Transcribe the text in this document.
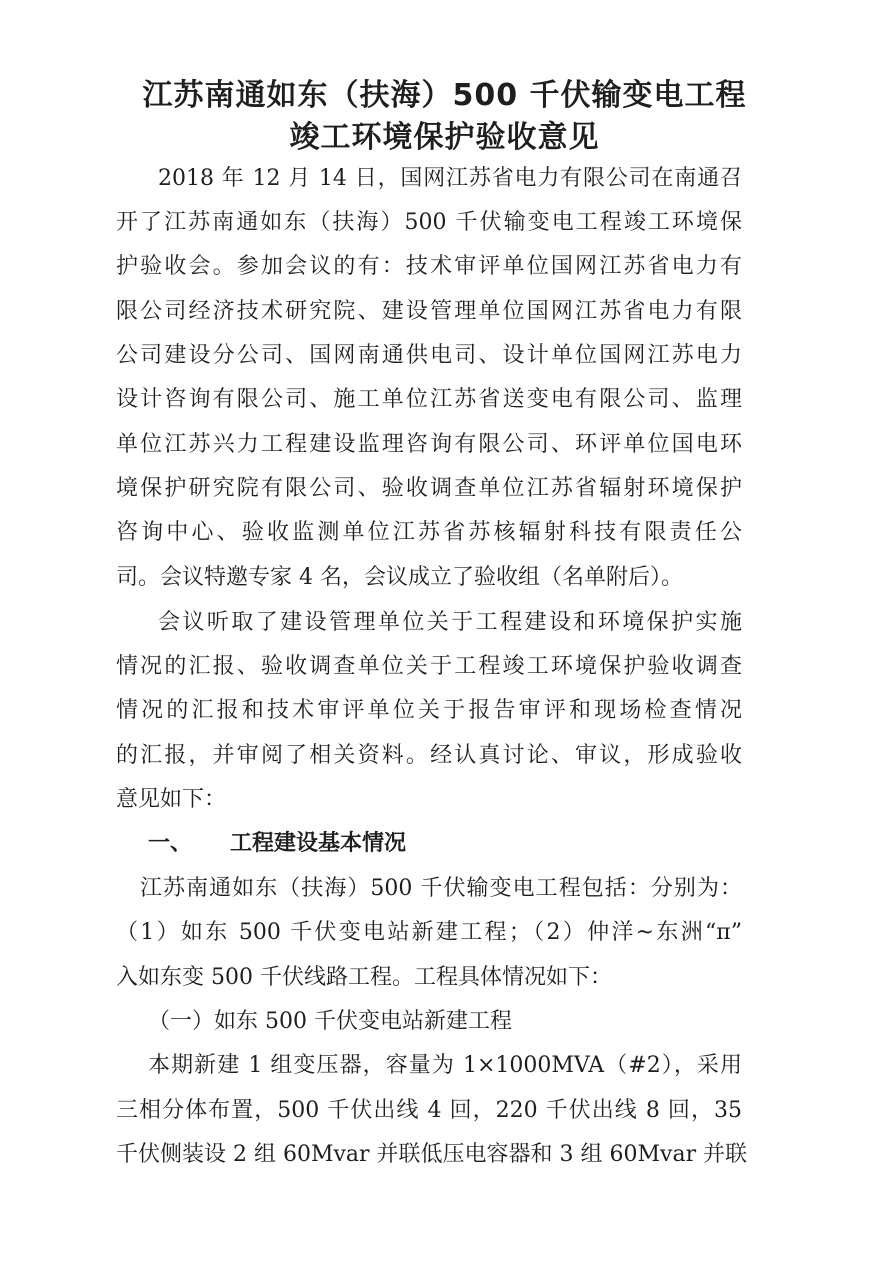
江苏南通如东（扶海）500 千伏输变电工程
竣工环境保护验收意见
2018 年 12 月 14 日，国网江苏省电力有限公司在南通召
开了江苏南通如东（扶海）500 千伏输变电工程竣工环境保
护验收会。参加会议的有：技术审评单位国网江苏省电力有
限公司经济技术研究院、建设管理单位国网江苏省电力有限
公司建设分公司、国网南通供电司、设计单位国网江苏电力
设计咨询有限公司、施工单位江苏省送变电有限公司、监理
单位江苏兴力工程建设监理咨询有限公司、环评单位国电环
境保护研究院有限公司、验收调查单位江苏省辐射环境保护
咨询中心、验收监测单位江苏省苏核辐射科技有限责任公
司。会议特邀专家 4 名，会议成立了验收组（名单附后）。
会议听取了建设管理单位关于工程建设和环境保护实施
情况的汇报、验收调查单位关于工程竣工环境保护验收调查
情况的汇报和技术审评单位关于报告审评和现场检查情况
的汇报，并审阅了相关资料。经认真讨论、审议，形成验收
意见如下：
一、 工程建设基本情况
江苏南通如东（扶海）500 千伏输变电工程包括：分别为：
（1）如东 500 千伏变电站新建工程；（2）仲洋~东洲“π”
入如东变 500 千伏线路工程。工程具体情况如下：
（一）如东 500 千伏变电站新建工程
本期新建 1 组变压器，容量为 1×1000MVA（#2），采用
三相分体布置，500 千伏出线 4 回，220 千伏出线 8 回，35
千伏侧装设 2 组 60Mvar 并联低压电容器和 3 组 60Mvar 并联
